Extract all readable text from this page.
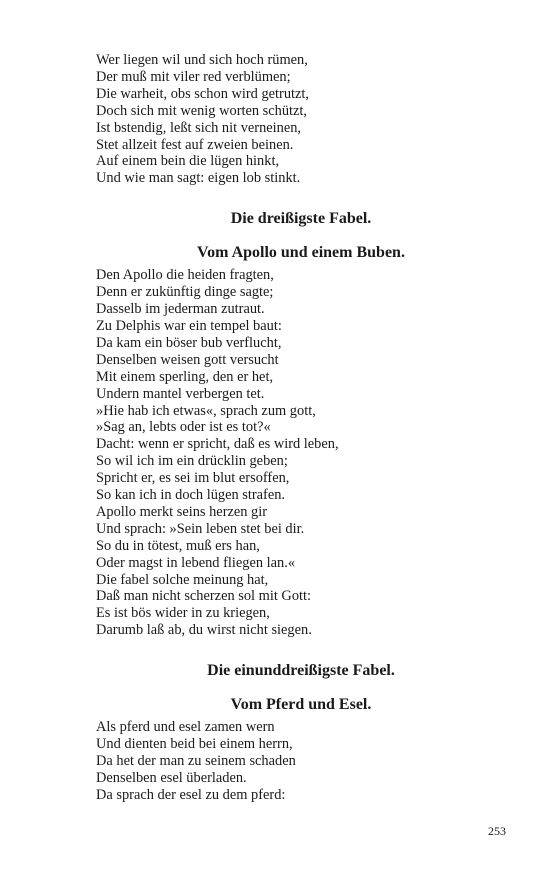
Wer liegen wil und sich hoch rümen,
Der muß mit viler red verblümen;
Die warheit, obs schon wird getrutzt,
Doch sich mit wenig worten schützt,
Ist bstendig, leßt sich nit verneinen,
Stet allzeit fest auf zweien beinen.
Auf einem bein die lügen hinkt,
Und wie man sagt: eigen lob stinkt.
Die dreißigste Fabel.
Vom Apollo und einem Buben.
Den Apollo die heiden fragten,
Denn er zukünftig dinge sagte;
Dasselb im jederman zutraut.
Zu Delphis war ein tempel baut:
Da kam ein böser bub verflucht,
Denselben weisen gott versucht
Mit einem sperling, den er het,
Undern mantel verbergen tet.
»Hie hab ich etwas«, sprach zum gott,
»Sag an, lebts oder ist es tot?«
Dacht: wenn er spricht, daß es wird leben,
So wil ich im ein drücklin geben;
Spricht er, es sei im blut ersoffen,
So kan ich in doch lügen strafen.
Apollo merkt seins herzen gir
Und sprach: »Sein leben stet bei dir.
So du in tötest, muß ers han,
Oder magst in lebend fliegen lan.«
Die fabel solche meinung hat,
Daß man nicht scherzen sol mit Gott:
Es ist bös wider in zu kriegen,
Darumb laß ab, du wirst nicht siegen.
Die einunddreißigste Fabel.
Vom Pferd und Esel.
Als pferd und esel zamen wern
Und dienten beid bei einem herrn,
Da het der man zu seinem schaden
Denselben esel überladen.
Da sprach der esel zu dem pferd:
253
